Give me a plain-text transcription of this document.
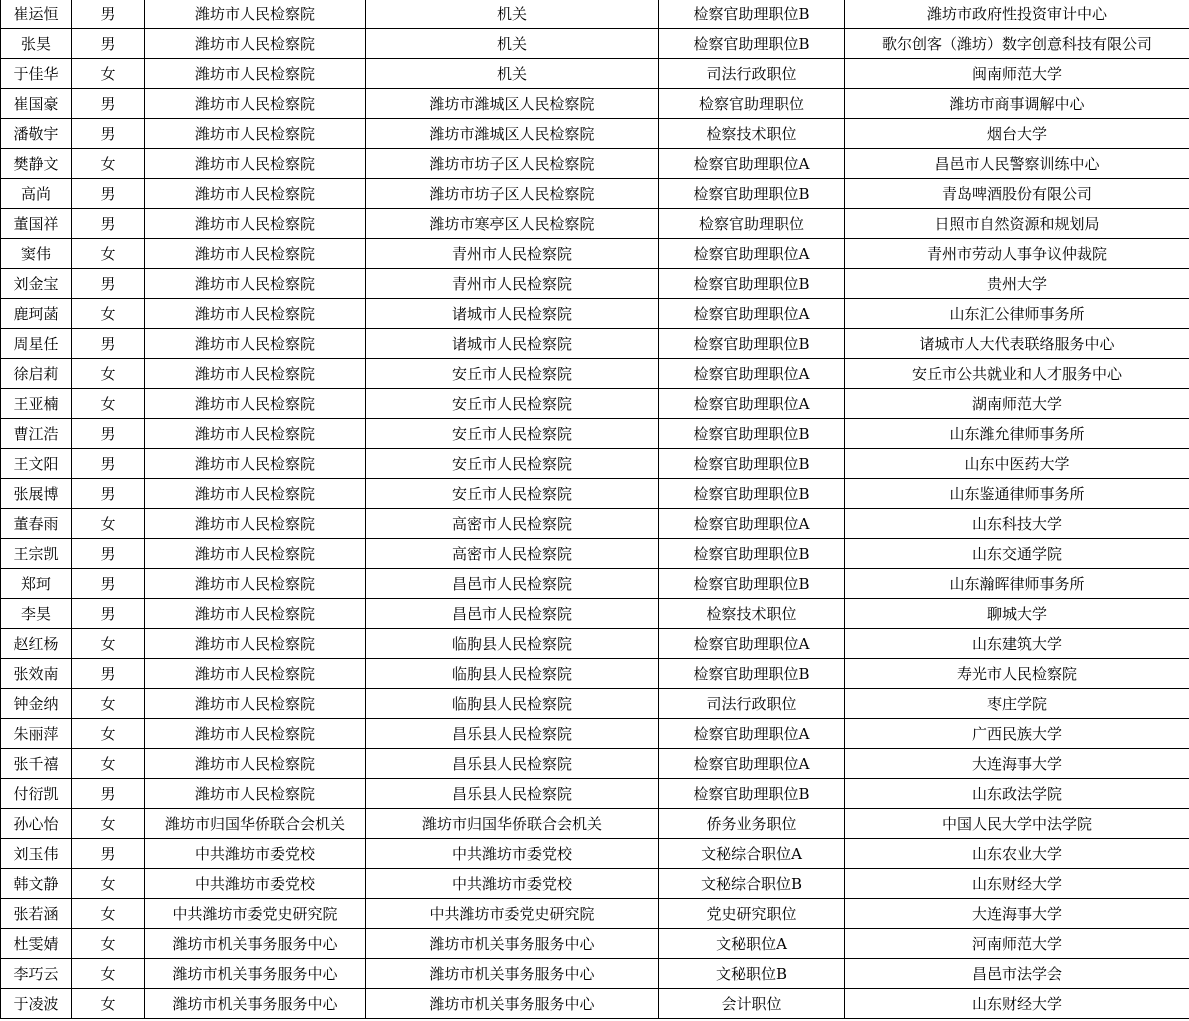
崔运恒	男	潍坊市人民检察院	机关	检察官助理职位B	潍坊市政府性投资审计中心
张昊	男	潍坊市人民检察院	机关	检察官助理职位B	歌尔创客（潍坊）数字创意科技有限公司
于佳华	女	潍坊市人民检察院	机关	司法行政职位	闽南师范大学
崔国豪	男	潍坊市人民检察院	潍坊市潍城区人民检察院	检察官助理职位	潍坊市商事调解中心
潘敬宇	男	潍坊市人民检察院	潍坊市潍城区人民检察院	检察技术职位	烟台大学
樊静文	女	潍坊市人民检察院	潍坊市坊子区人民检察院	检察官助理职位A	昌邑市人民警察训练中心
高尚	男	潍坊市人民检察院	潍坊市坊子区人民检察院	检察官助理职位B	青岛啤酒股份有限公司
董国祥	男	潍坊市人民检察院	潍坊市寒亭区人民检察院	检察官助理职位	日照市自然资源和规划局
窦伟	女	潍坊市人民检察院	青州市人民检察院	检察官助理职位A	青州市劳动人事争议仲裁院
刘金宝	男	潍坊市人民检察院	青州市人民检察院	检察官助理职位B	贵州大学
鹿珂菡	女	潍坊市人民检察院	诸城市人民检察院	检察官助理职位A	山东汇公律师事务所
周星任	男	潍坊市人民检察院	诸城市人民检察院	检察官助理职位B	诸城市人大代表联络服务中心
徐启莉	女	潍坊市人民检察院	安丘市人民检察院	检察官助理职位A	安丘市公共就业和人才服务中心
王亚楠	女	潍坊市人民检察院	安丘市人民检察院	检察官助理职位A	湖南师范大学
曹江浩	男	潍坊市人民检察院	安丘市人民检察院	检察官助理职位B	山东潍允律师事务所
王文阳	男	潍坊市人民检察院	安丘市人民检察院	检察官助理职位B	山东中医药大学
张展博	男	潍坊市人民检察院	安丘市人民检察院	检察官助理职位B	山东鉴通律师事务所
董春雨	女	潍坊市人民检察院	高密市人民检察院	检察官助理职位A	山东科技大学
王宗凯	男	潍坊市人民检察院	高密市人民检察院	检察官助理职位B	山东交通学院
郑珂	男	潍坊市人民检察院	昌邑市人民检察院	检察官助理职位B	山东瀚晖律师事务所
李昊	男	潍坊市人民检察院	昌邑市人民检察院	检察技术职位	聊城大学
赵红杨	女	潍坊市人民检察院	临朐县人民检察院	检察官助理职位A	山东建筑大学
张效南	男	潍坊市人民检察院	临朐县人民检察院	检察官助理职位B	寿光市人民检察院
钟金纳	女	潍坊市人民检察院	临朐县人民检察院	司法行政职位	枣庄学院
朱丽萍	女	潍坊市人民检察院	昌乐县人民检察院	检察官助理职位A	广西民族大学
张千禧	女	潍坊市人民检察院	昌乐县人民检察院	检察官助理职位A	大连海事大学
付衍凯	男	潍坊市人民检察院	昌乐县人民检察院	检察官助理职位B	山东政法学院
孙心怡	女	潍坊市归国华侨联合会机关	潍坊市归国华侨联合会机关	侨务业务职位	中国人民大学中法学院
刘玉伟	男	中共潍坊市委党校	中共潍坊市委党校	文秘综合职位A	山东农业大学
韩文静	女	中共潍坊市委党校	中共潍坊市委党校	文秘综合职位B	山东财经大学
张若涵	女	中共潍坊市委党史研究院	中共潍坊市委党史研究院	党史研究职位	大连海事大学
杜雯婧	女	潍坊市机关事务服务中心	潍坊市机关事务服务中心	文秘职位A	河南师范大学
李巧云	女	潍坊市机关事务服务中心	潍坊市机关事务服务中心	文秘职位B	昌邑市法学会
于凌波	女	潍坊市机关事务服务中心	潍坊市机关事务服务中心	会计职位	山东财经大学
